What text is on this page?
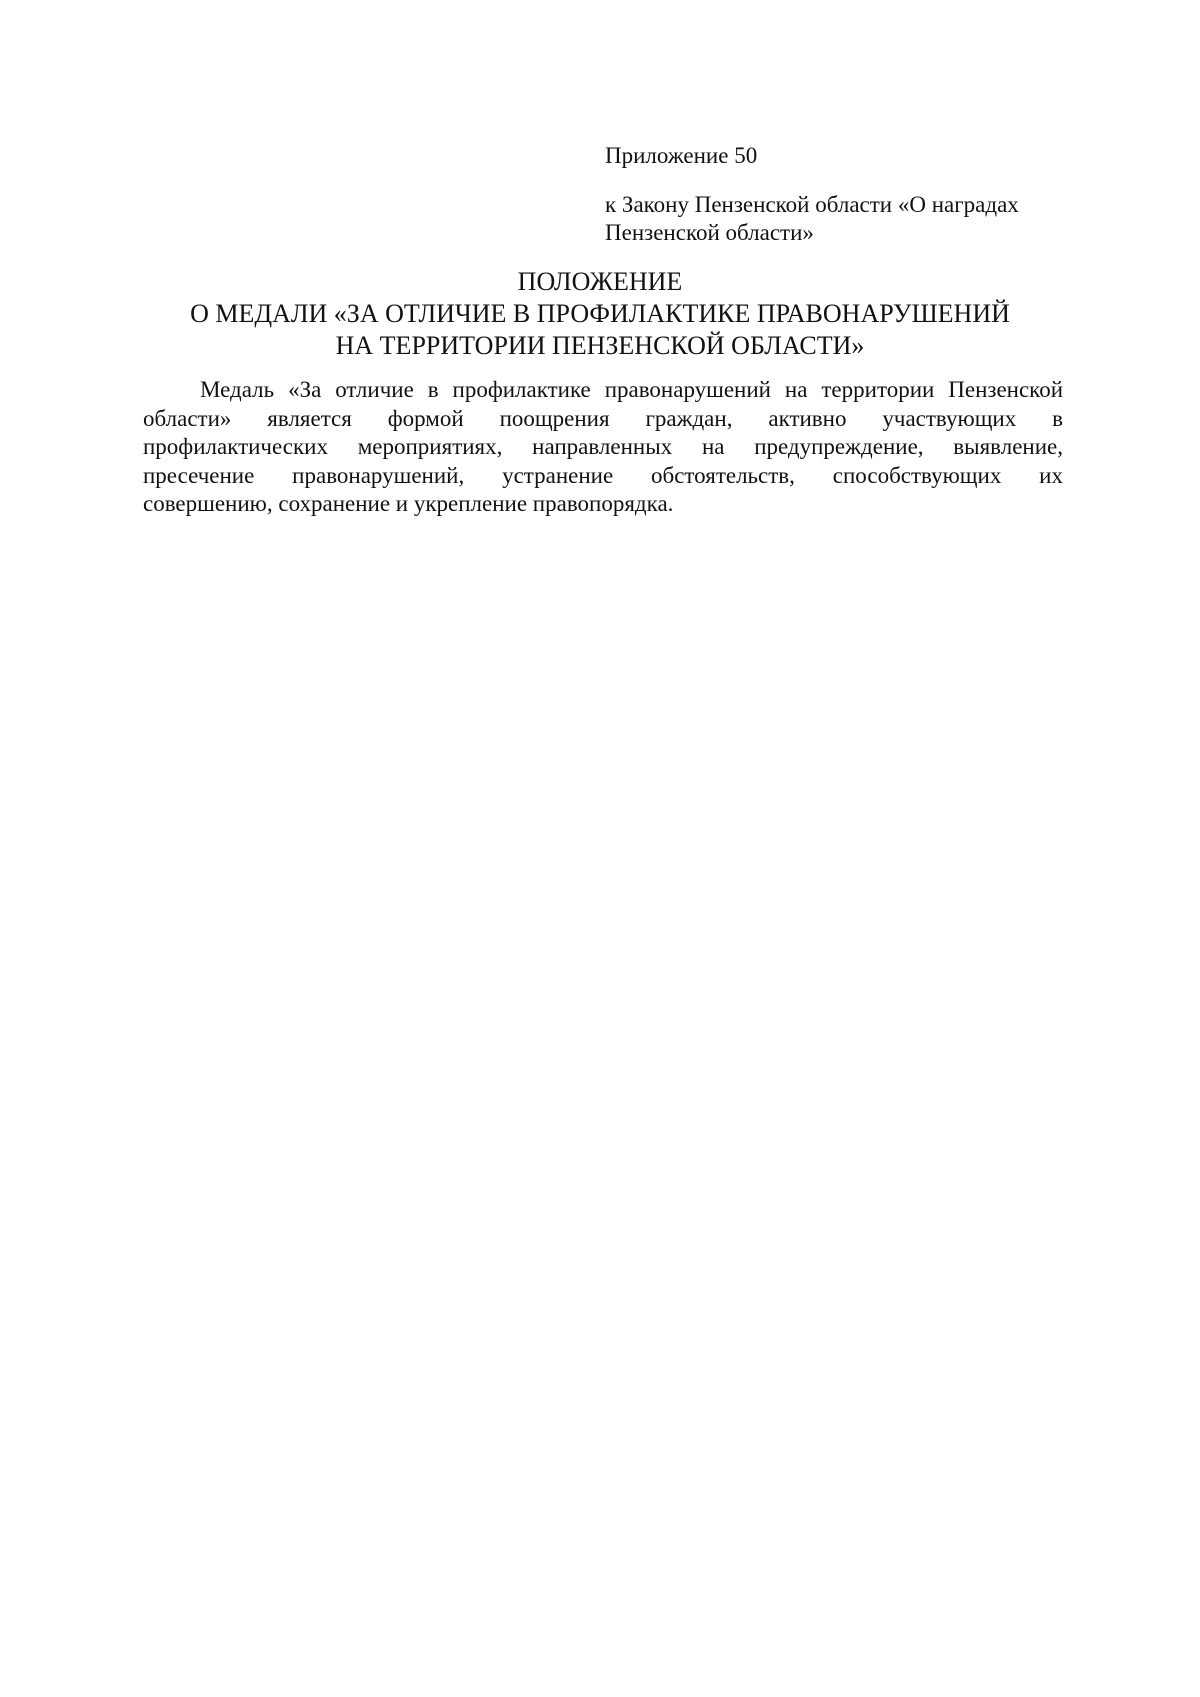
Приложение 50
к Закону Пензенской области «О наградах
Пензенской области»
ПОЛОЖЕНИЕ
О МЕДАЛИ «ЗА ОТЛИЧИЕ В ПРОФИЛАКТИКЕ ПРАВОНАРУШЕНИЙ
НА ТЕРРИТОРИИ ПЕНЗЕНСКОЙ ОБЛАСТИ»
Медаль «За отличие в профилактике правонарушений на территории Пензенской
области» является формой поощрения граждан, активно участвующих в
профилактических мероприятиях, направленных на предупреждение, выявление,
пресечение правонарушений, устранение обстоятельств, способствующих их
совершению, сохранение и укрепление правопорядка.
